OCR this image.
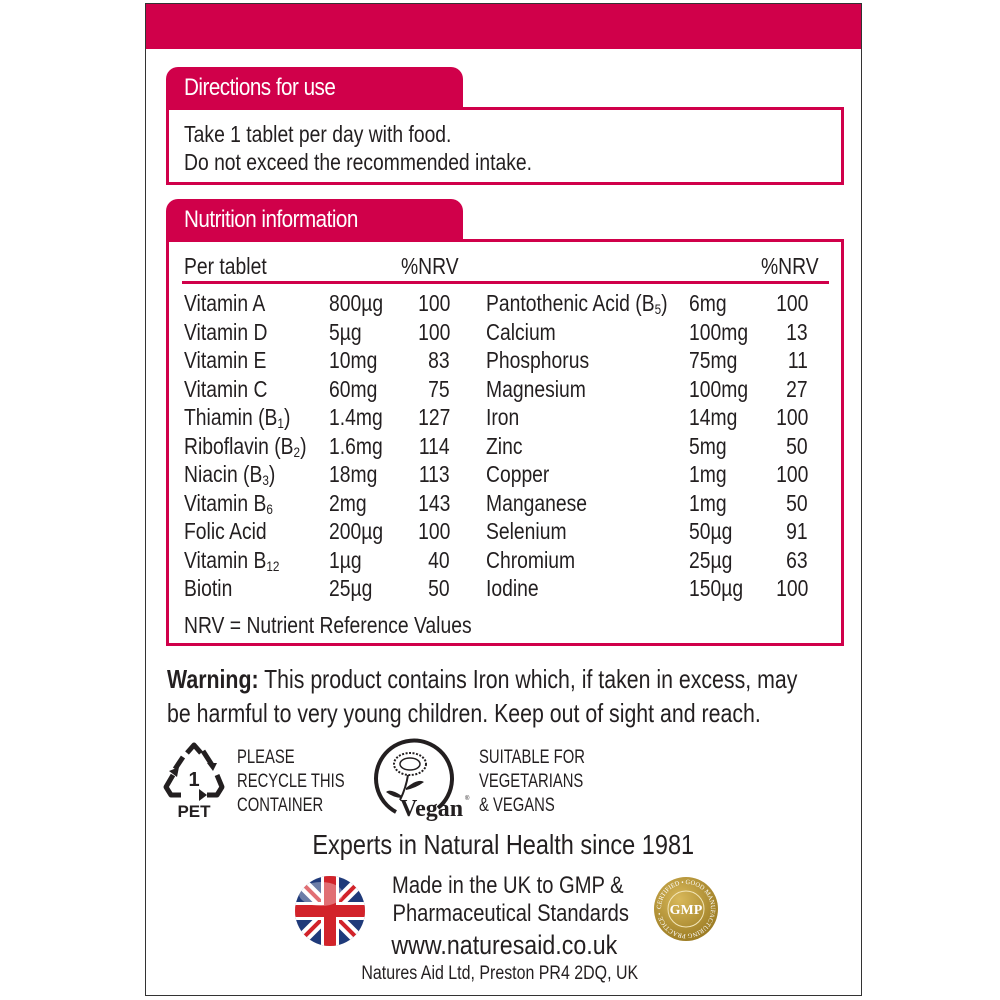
Directions for use
Take 1 tablet per day with food.
Do not exceed the recommended intake.
Nutrition information
Per tablet	%NRV	%NRV
Vitamin A	800µg	100
Vitamin D	5µg	100
Vitamin E	10mg	83
Vitamin C	60mg	75
Thiamin $(B_1)$	1.4mg	127
Riboflavin $(B_2)$ 1.6mg	114
Niacin $(B_3)$	18mg	113
Vitamin $B_6$	2mg	143
Folic Acid	200µg	100
Vitamin $B_{12}$	1µg	40
Biotin	25µg	50
Pantothenic Acid $(B_5)$ 6mg	100
Calcium	100mg	13
Phosphorus	75mg	11
Magnesium	100mg	27
Iron	14mg	100
Zinc	5mg	50
Copper	1mg	100
Manganese	1mg	50
Selenium	50µg	91
Chromium	25µg	63
Iodine	150µg	100
NRV = Nutrient Reference Values
Warning: This product contains Iron which, if taken in excess, may
be harmful to very young children. Keep out of sight and reach.
1
PET
PLEASE
RECYCLE THIS
CONTAINER	Vegan ®
SUITABLE FOR
VEGETARIANS
& VEGANS
Experts in Natural Health since 1981
Made in the UK to GMP &
Pharmaceutical Standards	GMP
CERTIFIED • GOOD MANUFACTURING PRACTICE •
www.naturesaid.co.uk
Natures Aid Ltd, Preston PR4 2DQ, UK
